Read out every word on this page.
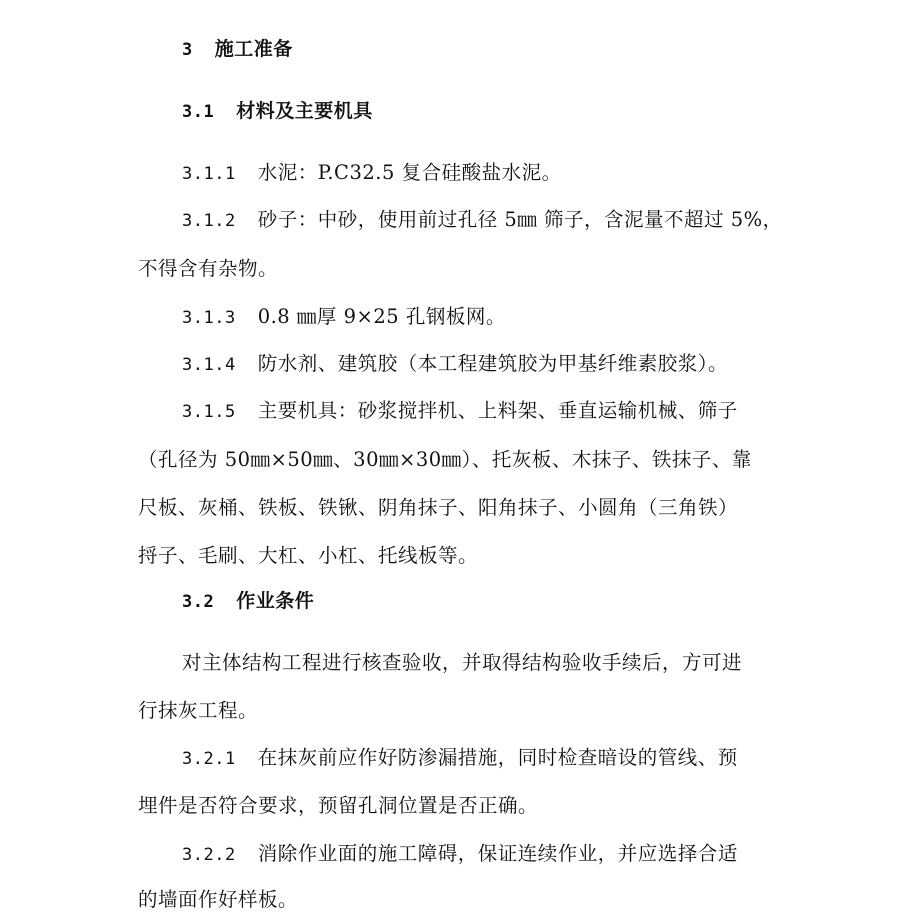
3 施工准备
3.1 材料及主要机具
3.1.1 水泥：P.C32.5 复合硅酸盐水泥。
3.1.2 砂子：中砂，使用前过孔径 5㎜ 筛子，含泥量不超过 5%，
不得含有杂物。
3.1.3 0.8 ㎜厚 9×25 孔钢板网。
3.1.4 防水剂、建筑胶（本工程建筑胶为甲基纤维素胶浆）。
3.1.5 主要机具：砂浆搅拌机、上料架、垂直运输机械、筛子
（孔径为 50㎜×50㎜、30㎜×30㎜）、托灰板、木抹子、铁抹子、靠
尺板、灰桶、铁板、铁锹、阴角抹子、阳角抹子、小圆角（三角铁）
捋子、毛刷、大杠、小杠、托线板等。
3.2 作业条件
对主体结构工程进行核查验收，并取得结构验收手续后，方可进
行抹灰工程。
3.2.1 在抹灰前应作好防渗漏措施，同时检查暗设的管线、预
埋件是否符合要求，预留孔洞位置是否正确。
3.2.2 消除作业面的施工障碍，保证连续作业，并应选择合适
的墙面作好样板。
